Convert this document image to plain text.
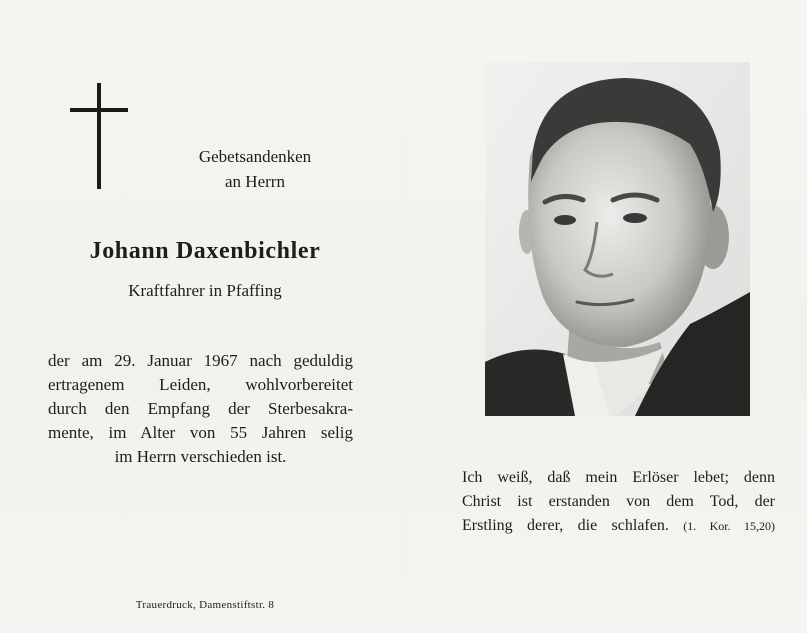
Gebetsandenken
an Herrn
Johann Daxenbichler
Kraftfahrer in Pfaffing
der am 29. Januar 1967 nach geduldig
ertragenem Leiden, wohlvorbereitet
durch den Empfang der Sterbesakra-
mente, im Alter von 55 Jahren selig
im Herrn verschieden ist.
Trauerdruck, Damenstiftstr. 8
Ich weiß, daß mein Erlöser lebet; denn
Christ ist erstanden von dem Tod, der
Erstling derer, die schlafen. (1. Kor. 15,20)
